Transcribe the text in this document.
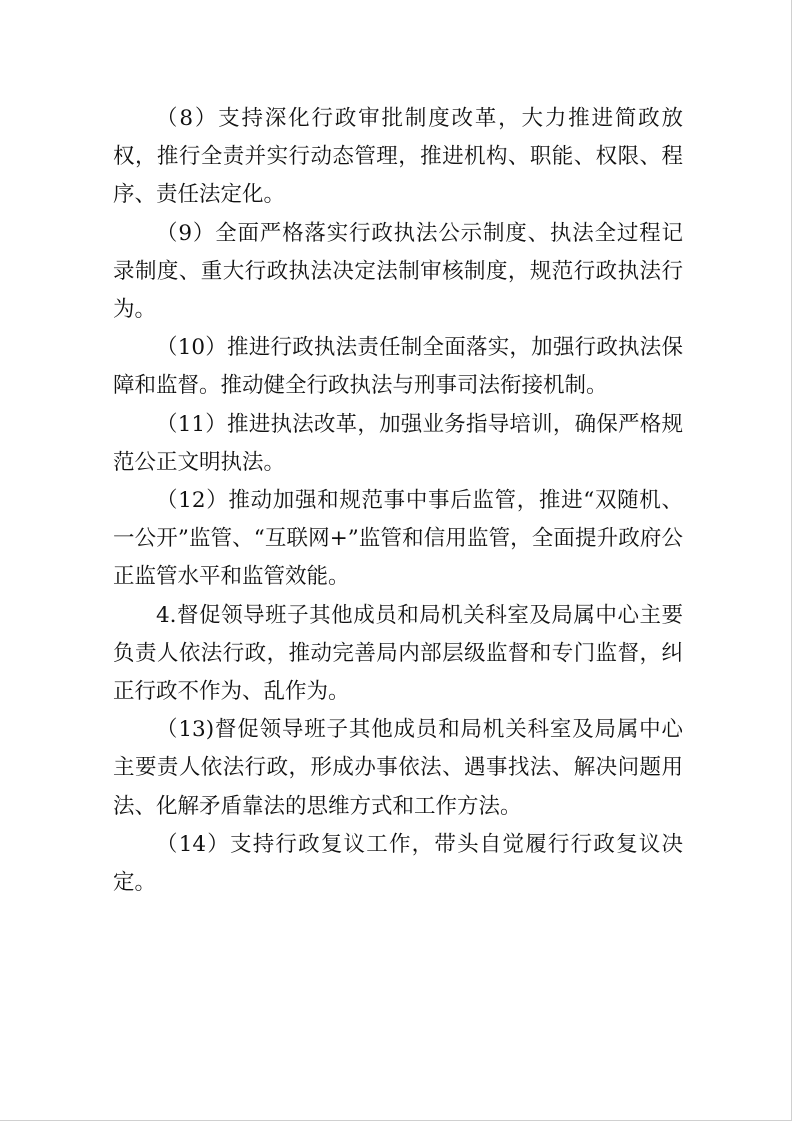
（8）支持深化行政审批制度改革，大力推进简政放权，推行全责并实行动态管理，推进机构、职能、权限、程序、责任法定化。

（9）全面严格落实行政执法公示制度、执法全过程记录制度、重大行政执法决定法制审核制度，规范行政执法行为。

（10）推进行政执法责任制全面落实，加强行政执法保障和监督。推动健全行政执法与刑事司法衔接机制。

（11）推进执法改革，加强业务指导培训，确保严格规范公正文明执法。

（12）推动加强和规范事中事后监管，推进“双随机、一公开”监管、“互联网+”监管和信用监管，全面提升政府公正监管水平和监管效能。

4.督促领导班子其他成员和局机关科室及局属中心主要负责人依法行政，推动完善局内部层级监督和专门监督，纠正行政不作为、乱作为。

（13)督促领导班子其他成员和局机关科室及局属中心主要责人依法行政，形成办事依法、遇事找法、解决问题用法、化解矛盾靠法的思维方式和工作方法。

（14）支持行政复议工作，带头自觉履行行政复议决定。
